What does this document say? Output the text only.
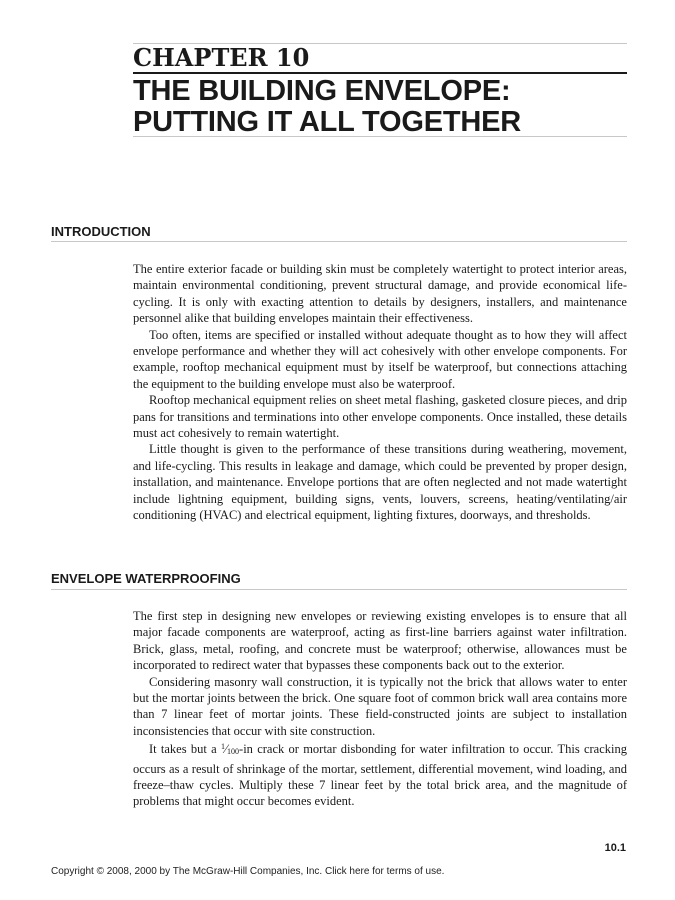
CHAPTER 10
THE BUILDING ENVELOPE:
PUTTING IT ALL TOGETHER
INTRODUCTION

The entire exterior facade or building skin must be completely watertight to protect interior areas, maintain environmental conditioning, prevent structural damage, and provide economical life-cycling. It is only with exacting attention to details by designers, installers, and maintenance personnel alike that building envelopes maintain their effectiveness.

Too often, items are specified or installed without adequate thought as to how they will affect envelope performance and whether they will act cohesively with other envelope components. For example, rooftop mechanical equipment must by itself be waterproof, but connections attaching the equipment to the building envelope must also be waterproof.

Rooftop mechanical equipment relies on sheet metal flashing, gasketed closure pieces, and drip pans for transitions and terminations into other envelope components. Once installed, these details must act cohesively to remain watertight.

Little thought is given to the performance of these transitions during weathering, movement, and life-cycling. This results in leakage and damage, which could be prevented by proper design, installation, and maintenance. Envelope portions that are often neglected and not made watertight include lightning equipment, building signs, vents, louvers, screens, heating/ventilating/air conditioning (HVAC) and electrical equipment, lighting fixtures, doorways, and thresholds.

ENVELOPE WATERPROOFING

The first step in designing new envelopes or reviewing existing envelopes is to ensure that all major facade components are waterproof, acting as first-line barriers against water infiltration. Brick, glass, metal, roofing, and concrete must be waterproof; otherwise, allowances must be incorporated to redirect water that bypasses these components back out to the exterior.

Considering masonry wall construction, it is typically not the brick that allows water to enter but the mortar joints between the brick. One square foot of common brick wall area contains more than 7 linear feet of mortar joints. These field-constructed joints are subject to installation inconsistencies that occur with site construction.

It takes but a $^1⁄_{100}-in$ crack or mortar disbonding for water infiltration to occur. This cracking occurs as a result of shrinkage of the mortar, settlement, differential movement, wind loading, and freeze–thaw cycles. Multiply these 7 linear feet by the total brick area, and the magnitude of problems that might occur becomes evident.

10.1
Copyright © 2008, 2000 by The McGraw-Hill Companies, Inc. Click here for terms of use.
